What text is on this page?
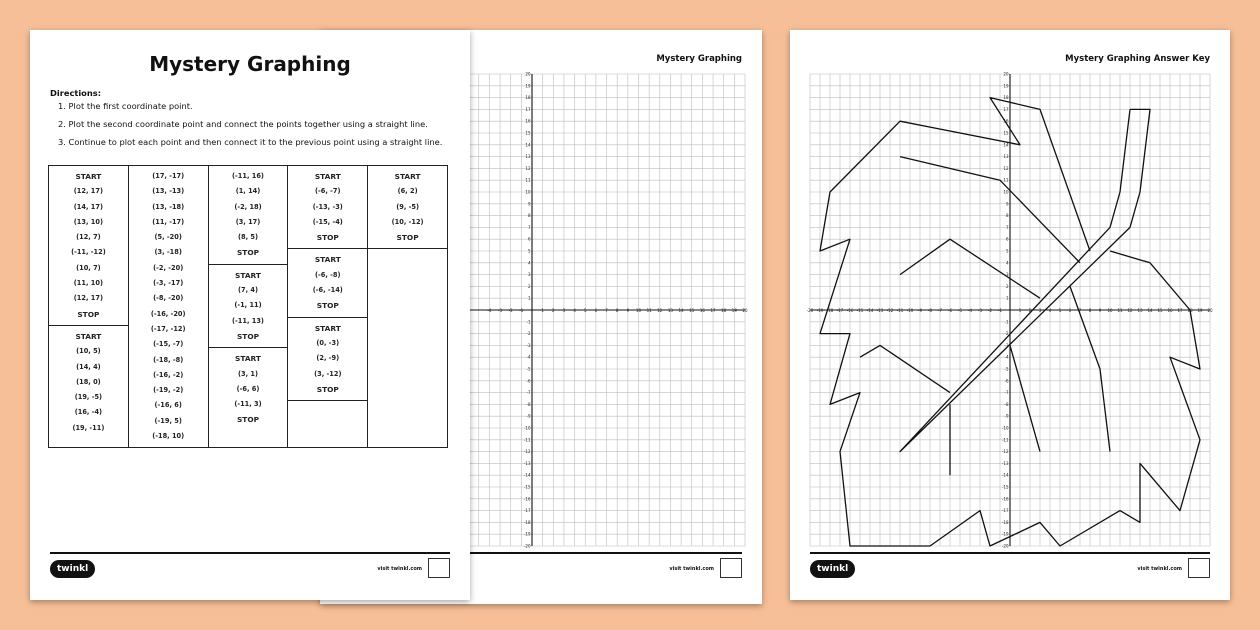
Mystery Graphing
Directions:
1. Plot the first coordinate point.
2. Plot the second coordinate point and connect the points together using a straight line.
3. Continue to plot each point and then connect it to the previous point using a straight line.
START
(12, 17)
(14, 17)
(13, 10)
(12, 7)
(-11, -12)
(10, 7)
(11, 10)
(12, 17)
STOP
START
(10, 5)
(14, 4)
(18, 0)
(19, -5)
(16, -4)
(19, -11)

(17, -17)
(13, -13)
(13, -18)
(11, -17)
(5, -20)
(3, -18)
(-2, -20)
(-3, -17)
(-8, -20)
(-16, -20)
(-17, -12)
(-15, -7)
(-18, -8)
(-16, -2)
(-19, -2)
(-16, 6)
(-19, 5)
(-18, 10)

(-11, 16)
(1, 14)
(-2, 18)
(3, 17)
(8, 5)
STOP
START
(7, 4)
(-1, 11)
(-11, 13)
STOP
START
(3, 1)
(-6, 6)
(-11, 3)
STOP

START
(-6, -7)
(-13, -3)
(-15, -4)
STOP
START
(-6, -8)
(-6, -14)
STOP
START
(0, -3)
(2, -9)
(3, -12)
STOP

START
(6, 2)
(9, -5)
(10, -12)
STOP
twinkl	visit twinkl.com
Mystery Graphing
-20
-19
-18
-17
-16
-15
-14
-13
-12
-11
-10
-9
-8
-7
-6
-5
-4
-4
-3
-3
-2
-2
-1
-1
1
1
2
2
3
3
4
4
5
5
6
6
7
7
8
8
9
9
10
10
11
11
12
12
13
13
14
14
15
15
16
16
17
17
18
18
19
19
20
20
visit twinkl.com
Mystery Graphing Answer Key
-20
-20
-19
-19
-18
-18
-17
-17
-16
-16
-15
-15
-14
-14
-13
-13
-12
-12
-11
-11
-10
-10
-9
-9
-8
-8
-7
-7
-6
-6
-5
-5
-4
-4
-3
-3
-2
-2
-1
-1
1
1
2
2
3
3
4
4
5
5
6
6
7
7
8
8
9
9
10
10
11
11
12
12
13
13
14
14
15
15
16
16
17
17
18
18
19
19
20
20
twinkl	visit twinkl.com
